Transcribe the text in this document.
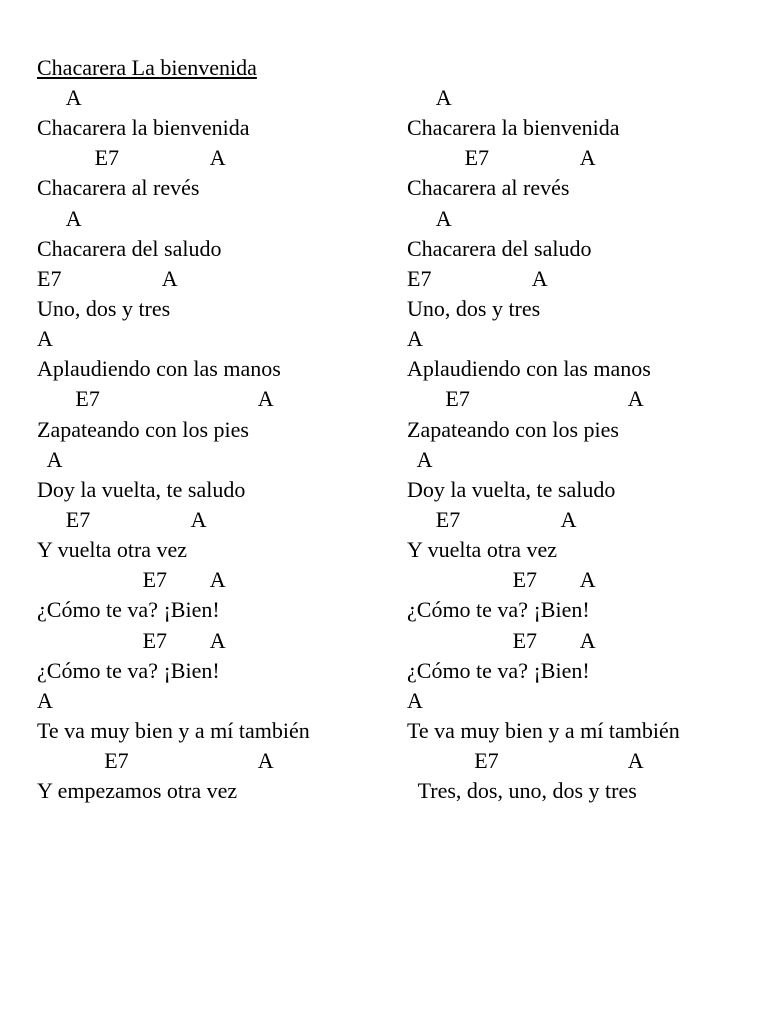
Chacarera La bienvenida
A
Chacarera la bienvenida
E7	A
Chacarera al revés
A
Chacarera del saludo
E7	A
Uno, dos y tres
A
Aplaudiendo con las manos
E7	A
Zapateando con los pies
A
Doy la vuelta, te saludo
E7	A
Y vuelta otra vez
E7 A
¿Cómo te va? ¡Bien!
E7 A
¿Cómo te va? ¡Bien!
A
Te va muy bien y a mí también
E7	A
Y empezamos otra vez
A
Chacarera la bienvenida
E7	A
Chacarera al revés
A
Chacarera del saludo
E7	A
Uno, dos y tres
A
Aplaudiendo con las manos
E7	A
Zapateando con los pies
A
Doy la vuelta, te saludo
E7	A
Y vuelta otra vez
E7 A
¿Cómo te va? ¡Bien!
E7 A
¿Cómo te va? ¡Bien!
A
Te va muy bien y a mí también
E7	A
Tres, dos, uno, dos y tres
